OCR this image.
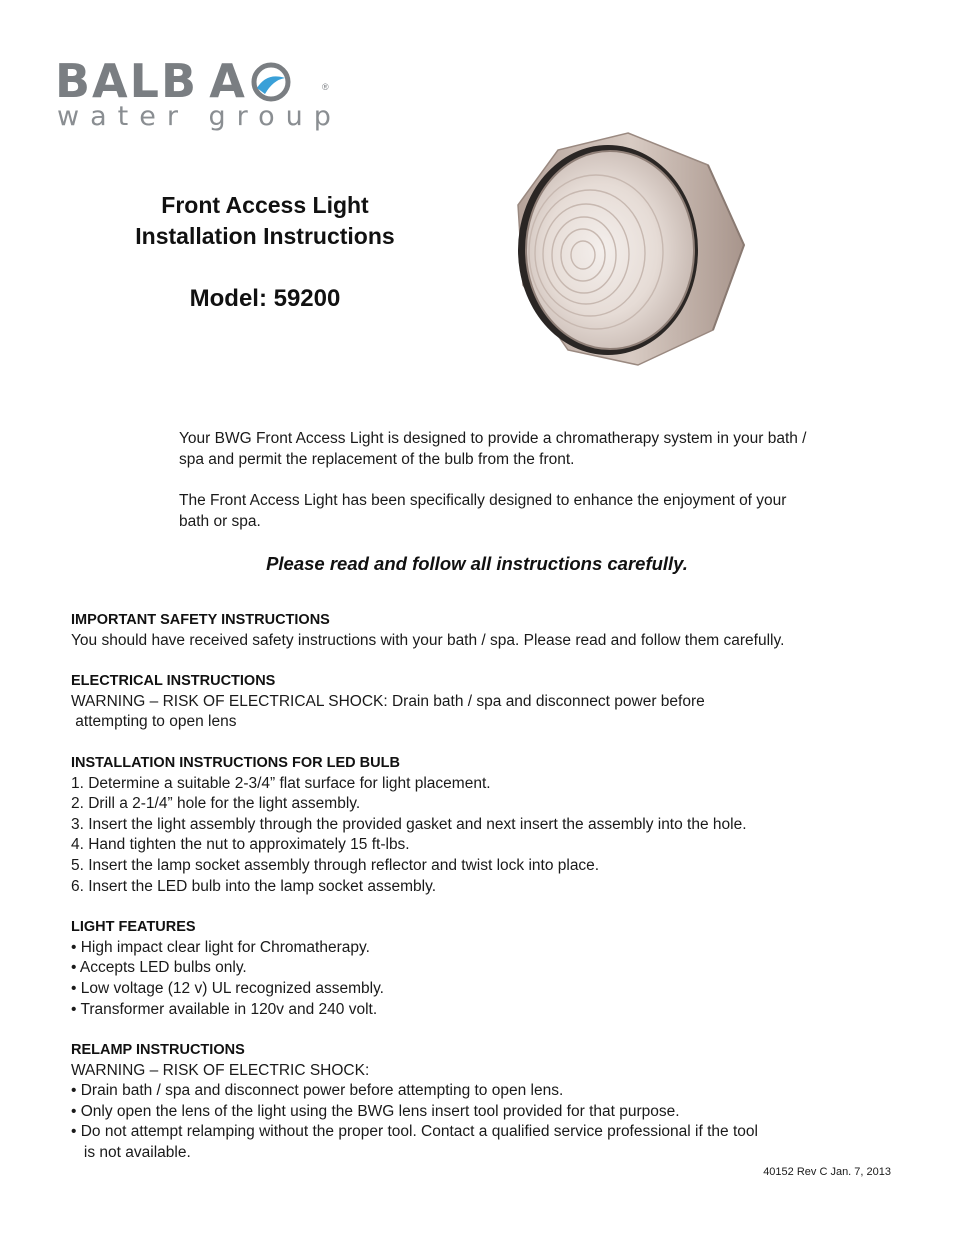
BALB A	®
water group
Front Access Light
Installation Instructions
Model: 59200

Your BWG Front Access Light is designed to provide a chromatherapy system in your bath / spa and permit the replacement of the bulb from the front.

The Front Access Light has been specifically designed to enhance the enjoyment of your bath or spa.

Please read and follow all instructions carefully.
IMPORTANT SAFETY INSTRUCTIONS
You should have received safety instructions with your bath / spa. Please read and follow them carefully.
ELECTRICAL INSTRUCTIONS
WARNING – RISK OF ELECTRICAL SHOCK: Drain bath / spa and disconnect power before
attempting to open lens
INSTALLATION INSTRUCTIONS FOR LED BULB
1. Determine a suitable 2-3/4” flat surface for light placement.
2. Drill a 2-1/4” hole for the light assembly.
3. Insert the light assembly through the provided gasket and next insert the assembly into the hole.
4. Hand tighten the nut to approximately 15 ft-lbs.
5. Insert the lamp socket assembly through reflector and twist lock into place.
6. Insert the LED bulb into the lamp socket assembly.
LIGHT FEATURES
• High impact clear light for Chromatherapy.
• Accepts LED bulbs only.
• Low voltage (12 v) UL recognized assembly.
• Transformer available in 120v and 240 volt.
RELAMP INSTRUCTIONS
WARNING – RISK OF ELECTRIC SHOCK:
• Drain bath / spa and disconnect power before attempting to open lens.
• Only open the lens of the light using the BWG lens insert tool provided for that purpose.
• Do not attempt relamping without the proper tool. Contact a qualified service professional if the tool
is not available.
40152 Rev C Jan. 7, 2013
